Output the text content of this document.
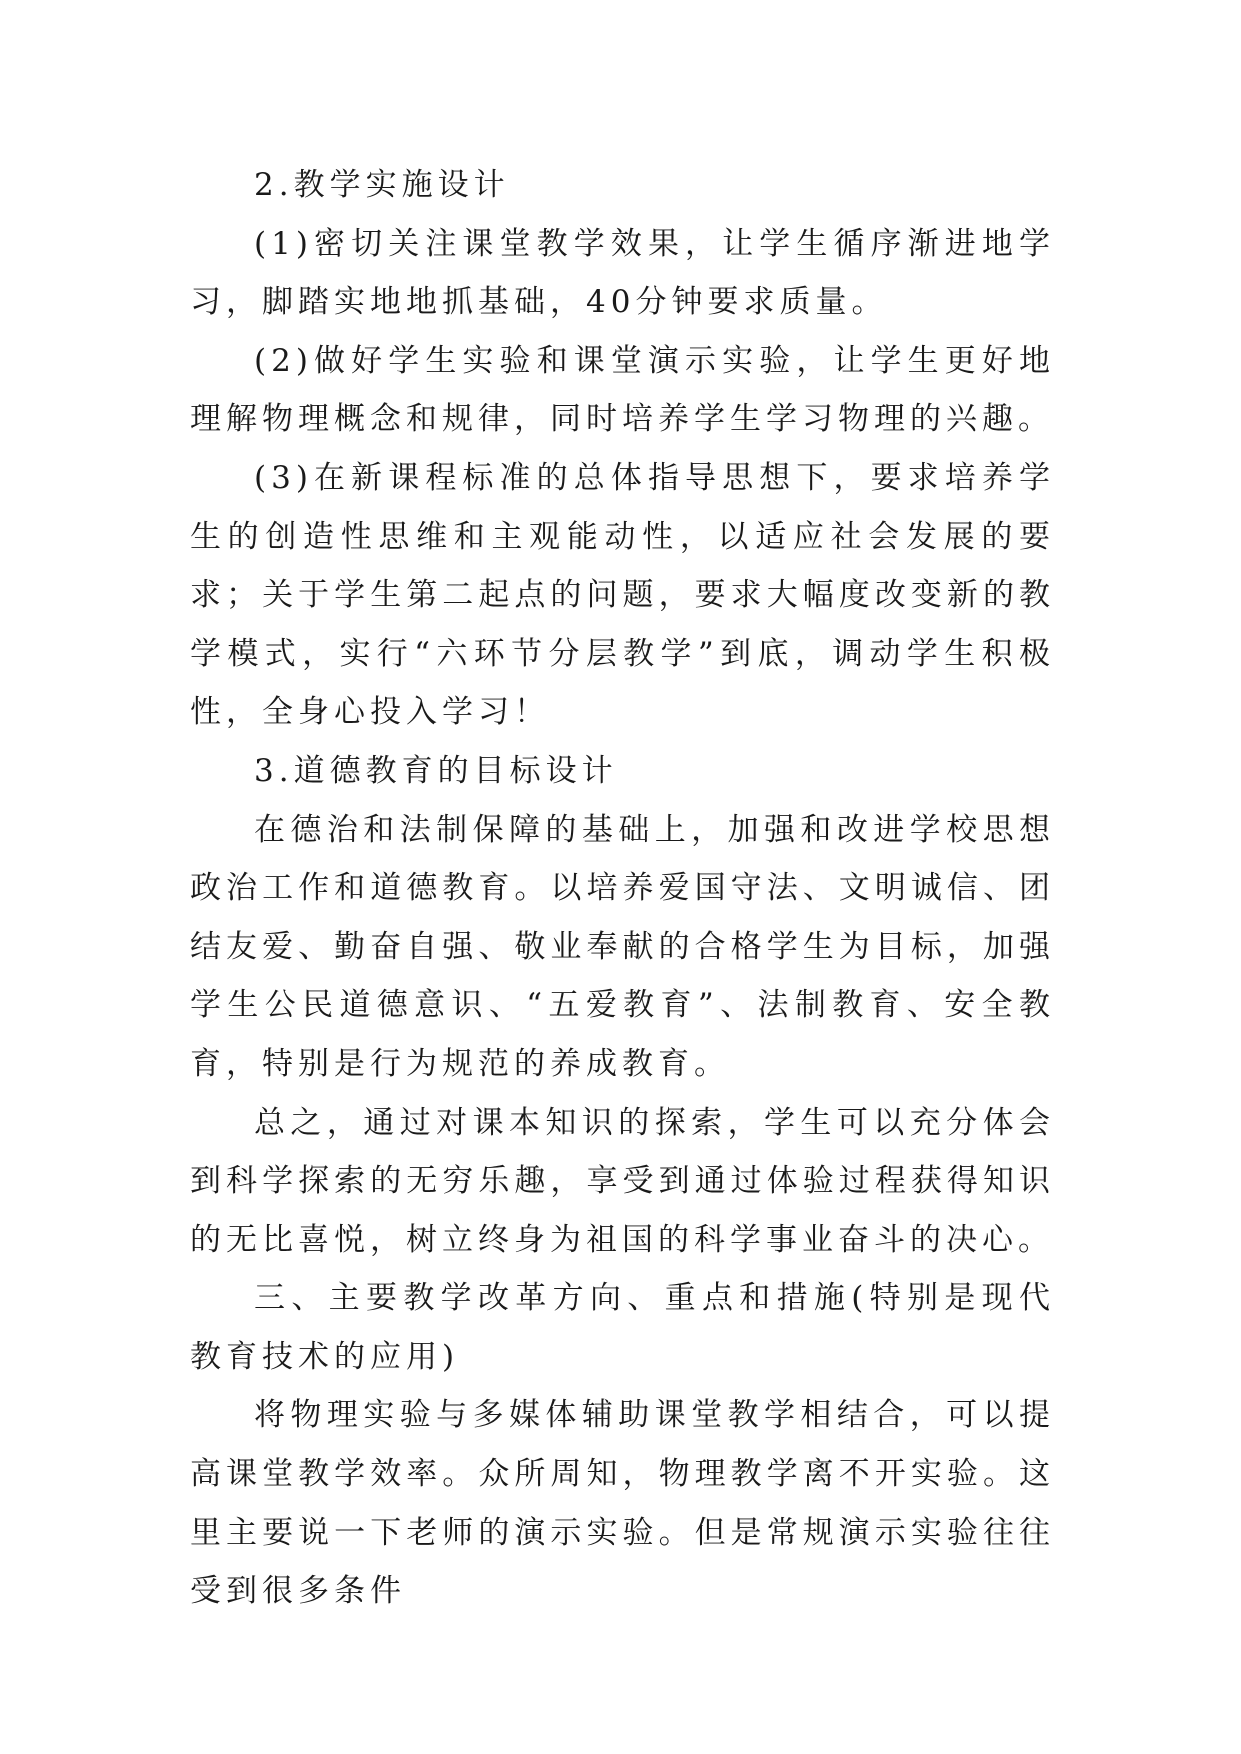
2.教学实施设计

(1)密切关注课堂教学效果，让学生循序渐进地学习，脚踏实地地抓基础，40分钟要求质量。

(2)做好学生实验和课堂演示实验，让学生更好地理解物理概念和规律，同时培养学生学习物理的兴趣。

(3)在新课程标准的总体指导思想下，要求培养学生的创造性思维和主观能动性，以适应社会发展的要求；关于学生第二起点的问题，要求大幅度改变新的教学模式，实行“六环节分层教学”到底，调动学生积极性，全身心投入学习！

3.道德教育的目标设计

在德治和法制保障的基础上，加强和改进学校思想政治工作和道德教育。以培养爱国守法、文明诚信、团结友爱、勤奋自强、敬业奉献的合格学生为目标，加强学生公民道德意识、“五爱教育”、法制教育、安全教育，特别是行为规范的养成教育。

总之，通过对课本知识的探索，学生可以充分体会到科学探索的无穷乐趣，享受到通过体验过程获得知识的无比喜悦，树立终身为祖国的科学事业奋斗的决心。

三、主要教学改革方向、重点和措施(特别是现代教育技术的应用)

将物理实验与多媒体辅助课堂教学相结合，可以提高课堂教学效率。众所周知，物理教学离不开实验。这里主要说一下老师的演示实验。但是常规演示实验往往受到很多条件
